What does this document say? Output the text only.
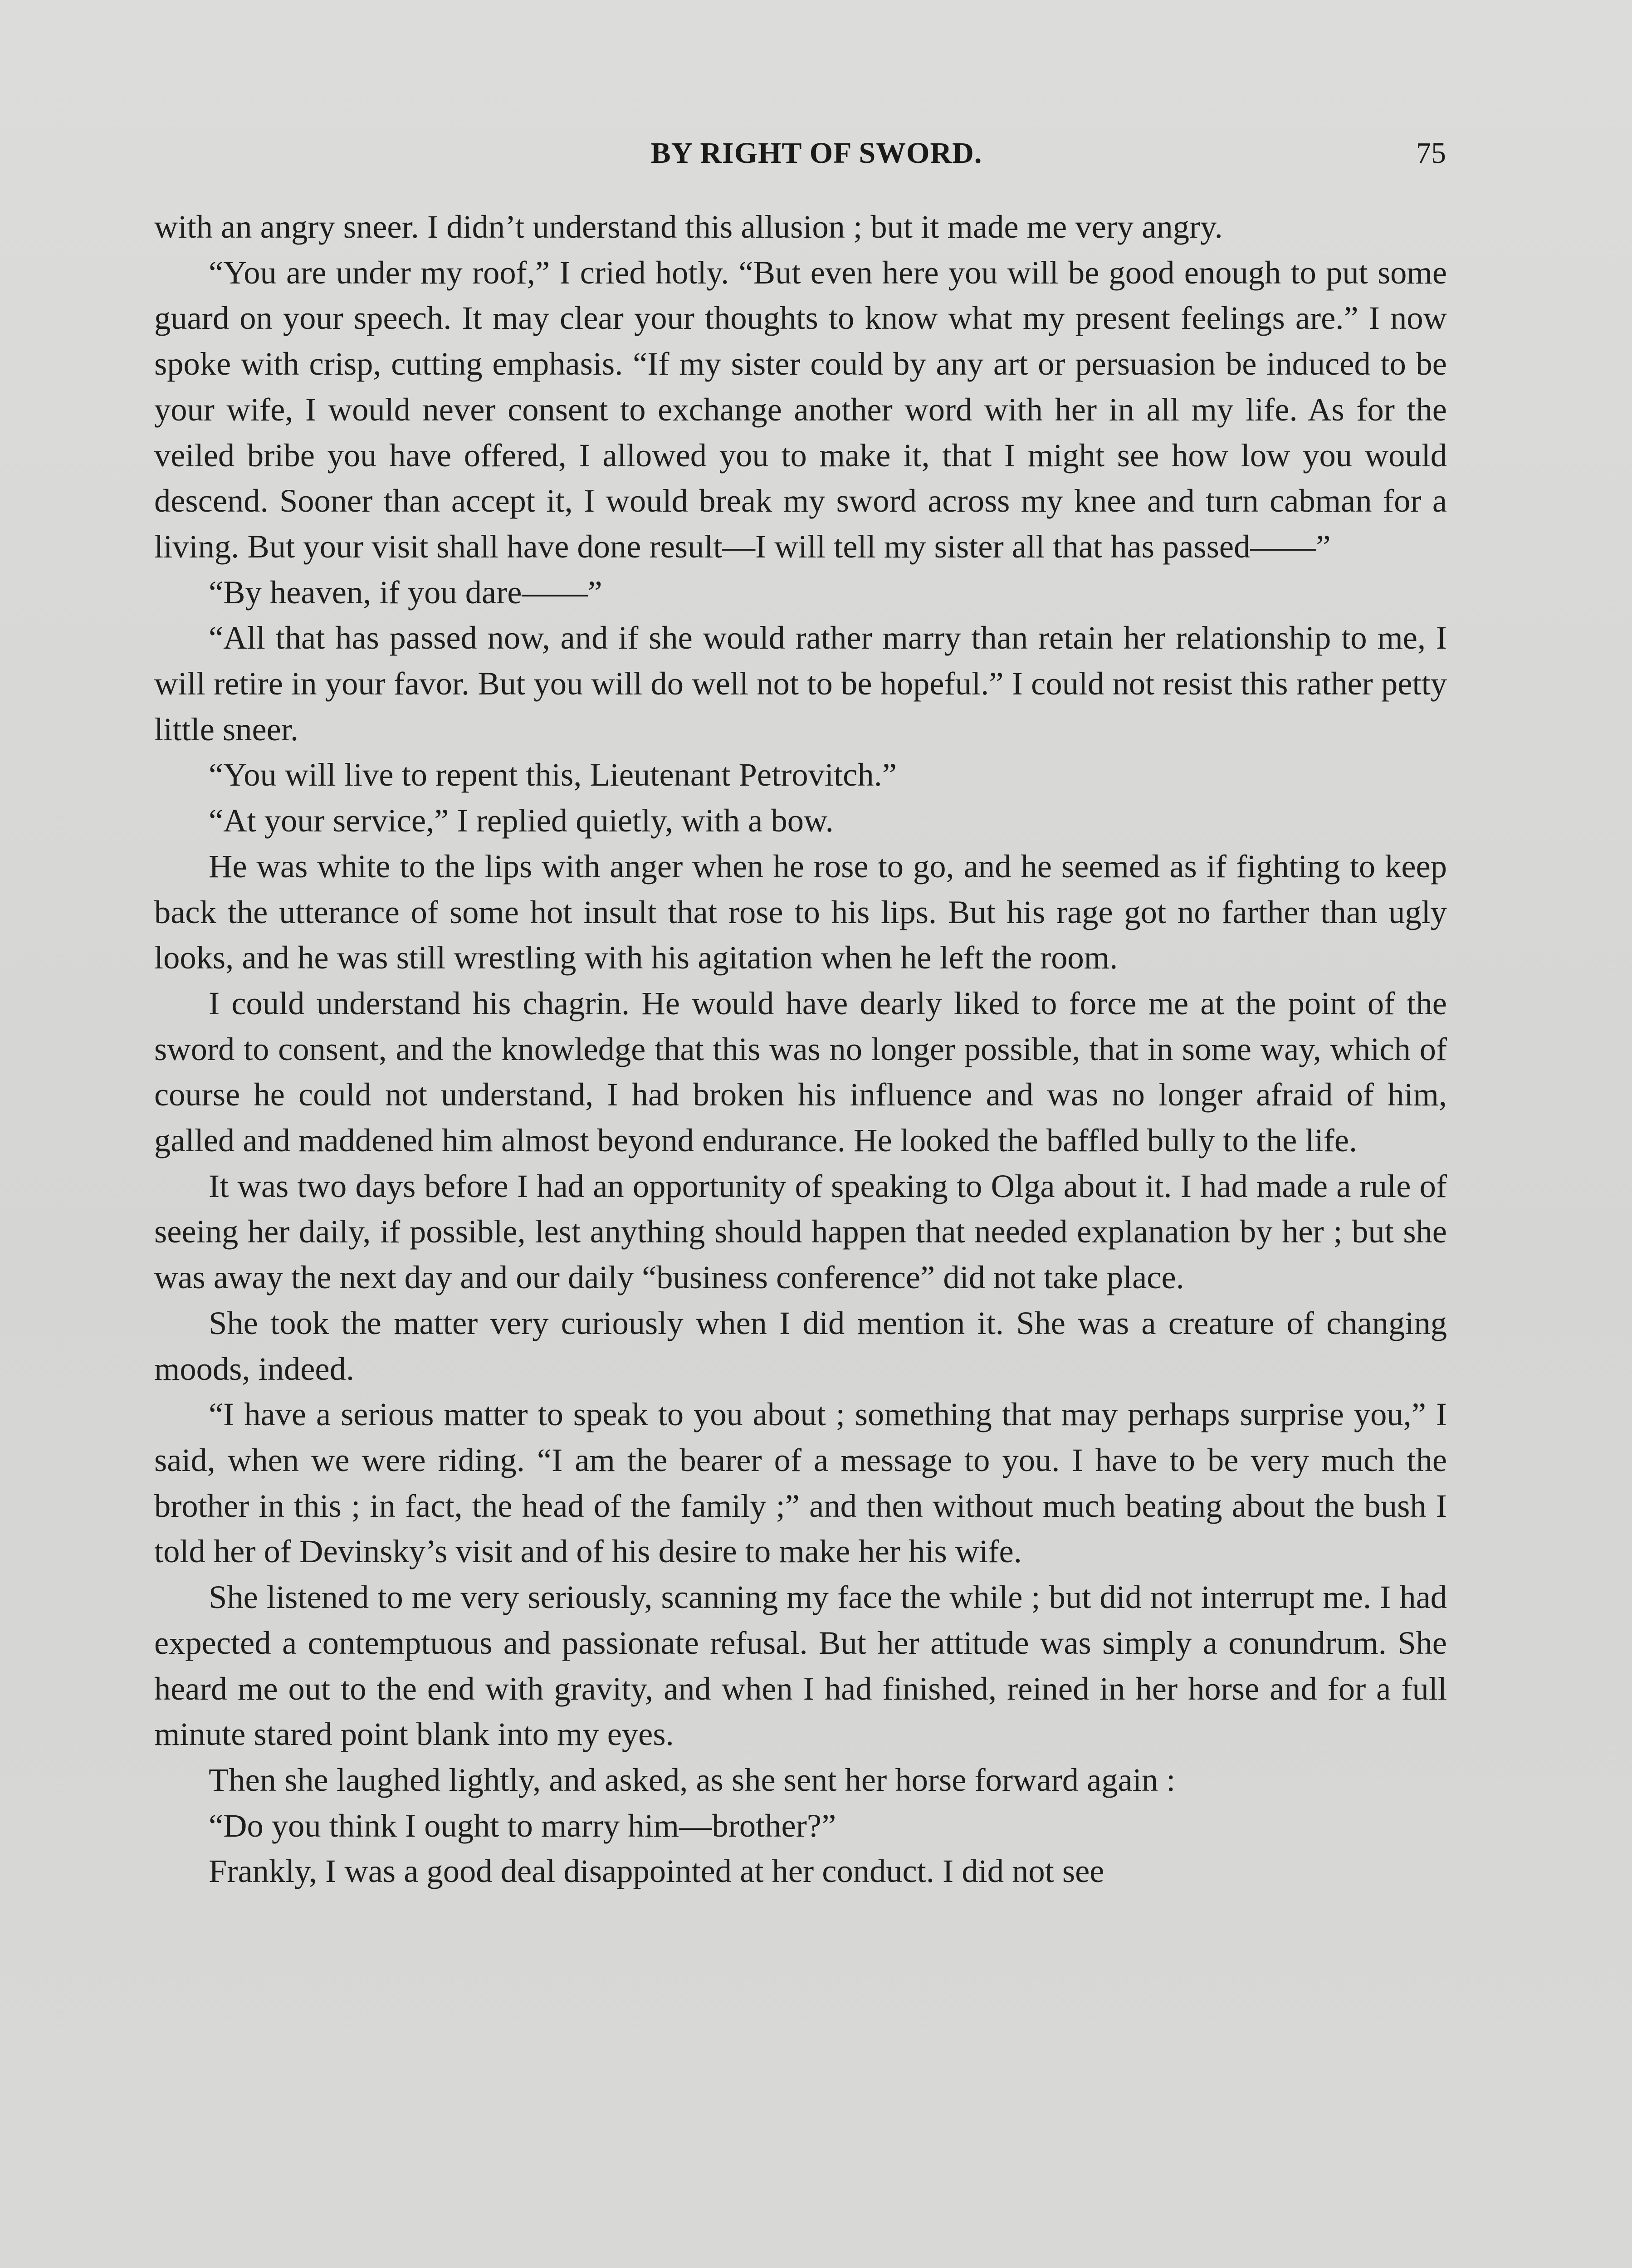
BY RIGHT OF SWORD.	75

with an angry sneer. I didn’t understand this allusion ; but it made me very angry.

“You are under my roof,” I cried hotly. “But even here you will be good enough to put some guard on your speech. It may clear your thoughts to know what my present feelings are.” I now spoke with crisp, cutting emphasis. “If my sister could by any art or persuasion be induced to be your wife, I would never consent to exchange another word with her in all my life. As for the veiled bribe you have offered, I allowed you to make it, that I might see how low you would descend. Sooner than accept it, I would break my sword across my knee and turn cabman for a living. But your visit shall have done result—I will tell my sister all that has passed——”

“By heaven, if you dare——”

“All that has passed now, and if she would rather marry than retain her relationship to me, I will retire in your favor. But you will do well not to be hopeful.” I could not resist this rather petty little sneer.

“You will live to repent this, Lieutenant Petrovitch.”

“At your service,” I replied quietly, with a bow.

He was white to the lips with anger when he rose to go, and he seemed as if fighting to keep back the utterance of some hot insult that rose to his lips. But his rage got no farther than ugly looks, and he was still wrestling with his agitation when he left the room.

I could understand his chagrin. He would have dearly liked to force me at the point of the sword to consent, and the knowledge that this was no longer possible, that in some way, which of course he could not understand, I had broken his influence and was no longer afraid of him, galled and maddened him almost beyond endurance. He looked the baffled bully to the life.

It was two days before I had an opportunity of speaking to Olga about it. I had made a rule of seeing her daily, if possible, lest anything should happen that needed explanation by her ; but she was away the next day and our daily “business conference” did not take place.

She took the matter very curiously when I did mention it. She was a creature of changing moods, indeed.

“I have a serious matter to speak to you about ; something that may perhaps surprise you,” I said, when we were riding. “I am the bearer of a message to you. I have to be very much the brother in this ; in fact, the head of the family ;” and then without much beating about the bush I told her of Devinsky’s visit and of his desire to make her his wife.

She listened to me very seriously, scanning my face the while ; but did not interrupt me. I had expected a contemptuous and passionate refusal. But her attitude was simply a conundrum. She heard me out to the end with gravity, and when I had finished, reined in her horse and for a full minute stared point blank into my eyes.

Then she laughed lightly, and asked, as she sent her horse forward again :

“Do you think I ought to marry him—brother?”

Frankly, I was a good deal disappointed at her conduct. I did not see
